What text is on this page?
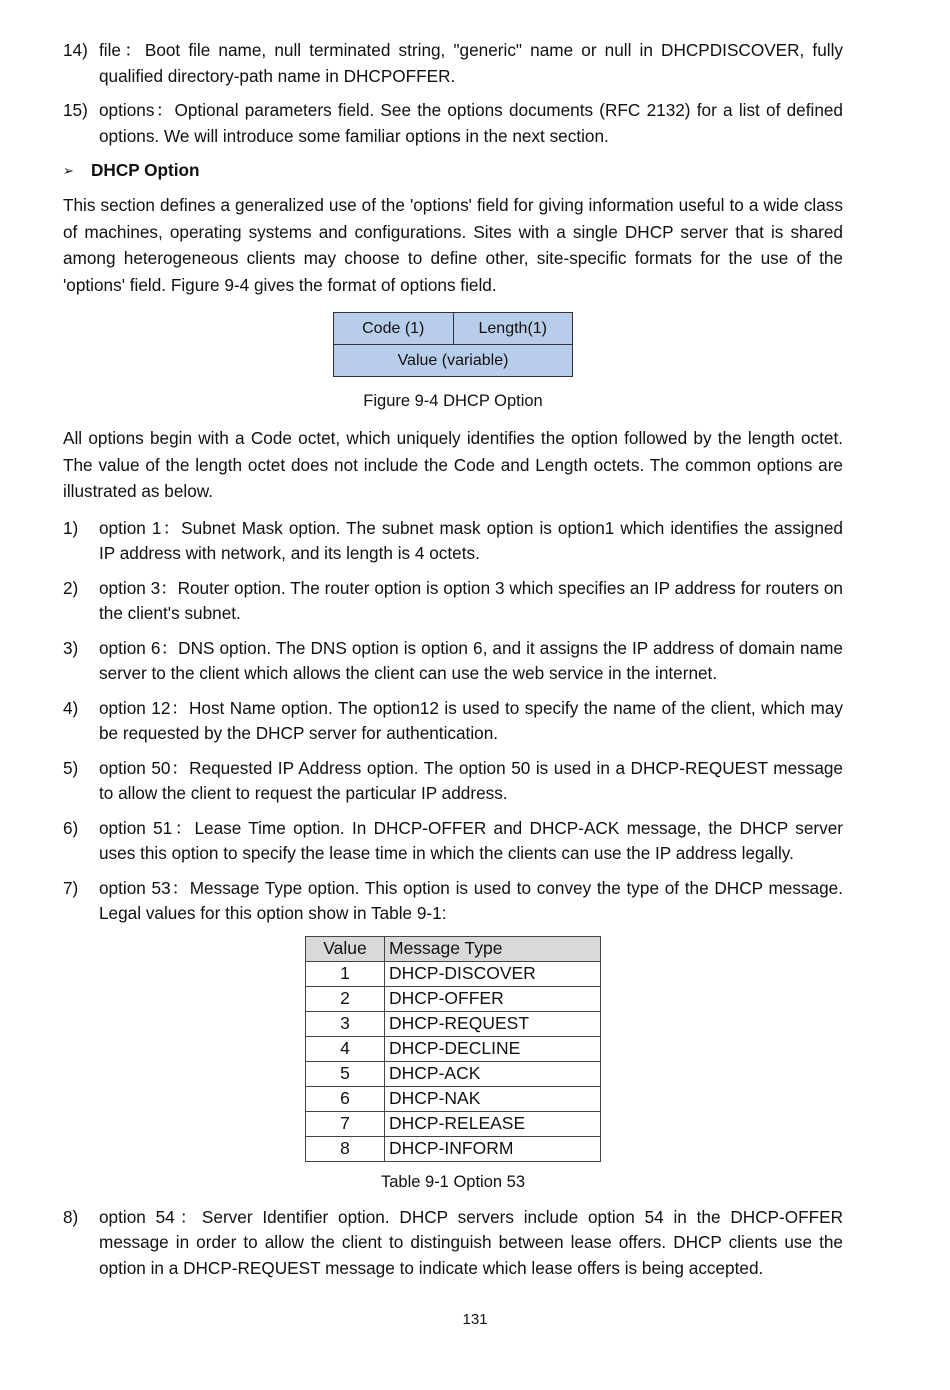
14) file：Boot file name, null terminated string, "generic" name or null in DHCPDISCOVER, fully qualified directory-path name in DHCPOFFER.
15) options：Optional parameters field. See the options documents (RFC 2132) for a list of defined options. We will introduce some familiar options in the next section.
➢ DHCP Option
This section defines a generalized use of the 'options' field for giving information useful to a wide class of machines, operating systems and configurations. Sites with a single DHCP server that is shared among heterogeneous clients may choose to define other, site-specific formats for the use of the 'options' field. Figure 9-4 gives the format of options field.
Code (1)	Length(1)
Value (variable)
Figure 9-4 DHCP Option
All options begin with a Code octet, which uniquely identifies the option followed by the length octet. The value of the length octet does not include the Code and Length octets. The common options are illustrated as below.
1)	option 1：Subnet Mask option. The subnet mask option is option1 which identifies the assigned IP address with network, and its length is 4 octets.
2)	option 3：Router option. The router option is option 3 which specifies an IP address for routers on the client's subnet.
3)	option 6：DNS option. The DNS option is option 6, and it assigns the IP address of domain name server to the client which allows the client can use the web service in the internet.
4)	option 12：Host Name option. The option12 is used to specify the name of the client, which may be requested by the DHCP server for authentication.
5)	option 50：Requested IP Address option. The option 50 is used in a DHCP-REQUEST message to allow the client to request the particular IP address.
6)	option 51：Lease Time option. In DHCP-OFFER and DHCP-ACK message, the DHCP server uses this option to specify the lease time in which the clients can use the IP address legally.
7)	option 53：Message Type option. This option is used to convey the type of the DHCP message. Legal values for this option show in Table 9-1:
Value	Message Type
1	DHCP-DISCOVER
2	DHCP-OFFER
3	DHCP-REQUEST
4	DHCP-DECLINE
5	DHCP-ACK
6	DHCP-NAK
7	DHCP-RELEASE
8	DHCP-INFORM
Table 9-1 Option 53
8)	option 54：Server Identifier option. DHCP servers include option 54 in the DHCP-OFFER message in order to allow the client to distinguish between lease offers. DHCP clients use the option in a DHCP-REQUEST message to indicate which lease offers is being accepted.
131
